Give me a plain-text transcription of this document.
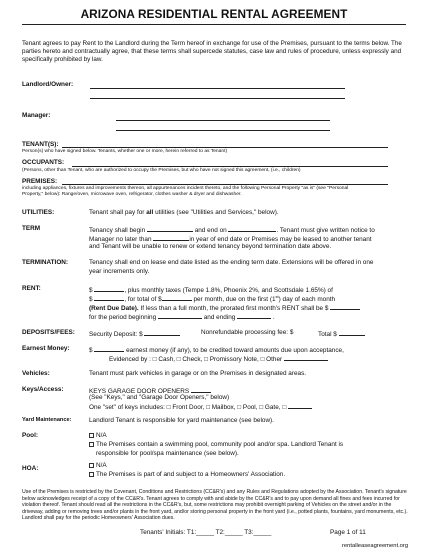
ARIZONA RESIDENTIAL RENTAL AGREEMENT
Tenant agrees to pay Rent to the Landlord during the Term hereof in exchange for use of the Premises, pursuant to the terms below. The parties hereto and contractually agree, that these terms shall supercede statutes, case law and rules of procedure, unless expressly and specifically prohibited by law.
Landlord/Owner:
Manager:
TENANT(S):
Person(s) who have signed below. Tenants, whether one or more, herein referred to as Tenant)
OCCUPANTS:
(Persons, other than Tenant, who are authorized to occupy the Premises, but who have not signed this agreement, (i.e., children)
PREMISES:
including appliances, fixtures and improvements thereon, all appurtenances incident thereto, and the following Personal Property "as is" (see "Personal
Property," below): Range/oven, microwave oven, refrigerator, clothes washer & dryer and dishwasher.
UTILITIES:	Tenant shall pay for all utilities (see "Utilities and Services," below).
TERM	Tenancy shall begin	and end on	. Tenant must give written notice to
Manager no later than	in year of end date or Premises may be leased to another tenant
and Tenant will be unable to renew or extend tenancy beyond termination date above.
TERMINATION:	Tenancy shall end on lease end date listed as the ending term date. Extensions will be offered in one
year increments only.
RENT:	$	, plus monthly taxes (Tempe 1.8%, Phoenix 2%, and Scottsdale 1.65%) of
$	, for total of $	per month, due on the first (1st) day of each month
(Rent Due Date). If less than a full month, the prorated first month's RENT shall be $
for the period beginning	and ending	.
DEPOSITS/FEES: Security Deposit: $	Nonrefundable processing fee: $	Total $
Earnest Money:	$	earnest money (if any), to be credited toward amounts due upon acceptance,
Evidenced by : □ Cash, □ Check, □ Promissory Note, □ Other
Vehicles:	Tenant must park vehicles in garage or on the Premises in designated areas.
Keys/Access:	KEYS GARAGE DOOR OPENERS
(See "Keys," and "Garage Door Openers," below)
One "set" of keys includes: □ Front Door, □ Mailbox, □ Pool, □ Gate, □
Yard Maintenance:	Landlord Tenant is responsible for yard maintenance (see below).
Pool:	N/A
The Premises contain a swimming pool, community pool and/or spa. Landlord Tenant is
responsible for pool/spa maintenance (see below).
HOA:	N/A
The Premises is part of and subject to a Homeowners' Association.
Use of the Premises is restricted by the Covenant, Conditions and Restrictions (CC&R's) and any Rules and Regulations adopted by the Association. Tenant's signature below acknowledges receipt of a copy of the CC&R's. Tenant agrees to comply with and abide by the CC&R's and to pay upon demand all fines and fees incurred for violation thereof. Tenant should read all the restrictions in the CC&R's, but, some restrictions may prohibit overnight parking of Vehicles on the street and/or in the driveway, adding or removing trees and/or plants in the front yard, and/or storing personal property in the front yard (i.e., potted plants, fountains, yard monuments, etc.). Landlord shall pay for the periodic Homeowners' Association dues.
Tenants' Initials: T1:_____ T2:_____ T3:_____	Page 1 of 11
rentalleaseagreement.org
